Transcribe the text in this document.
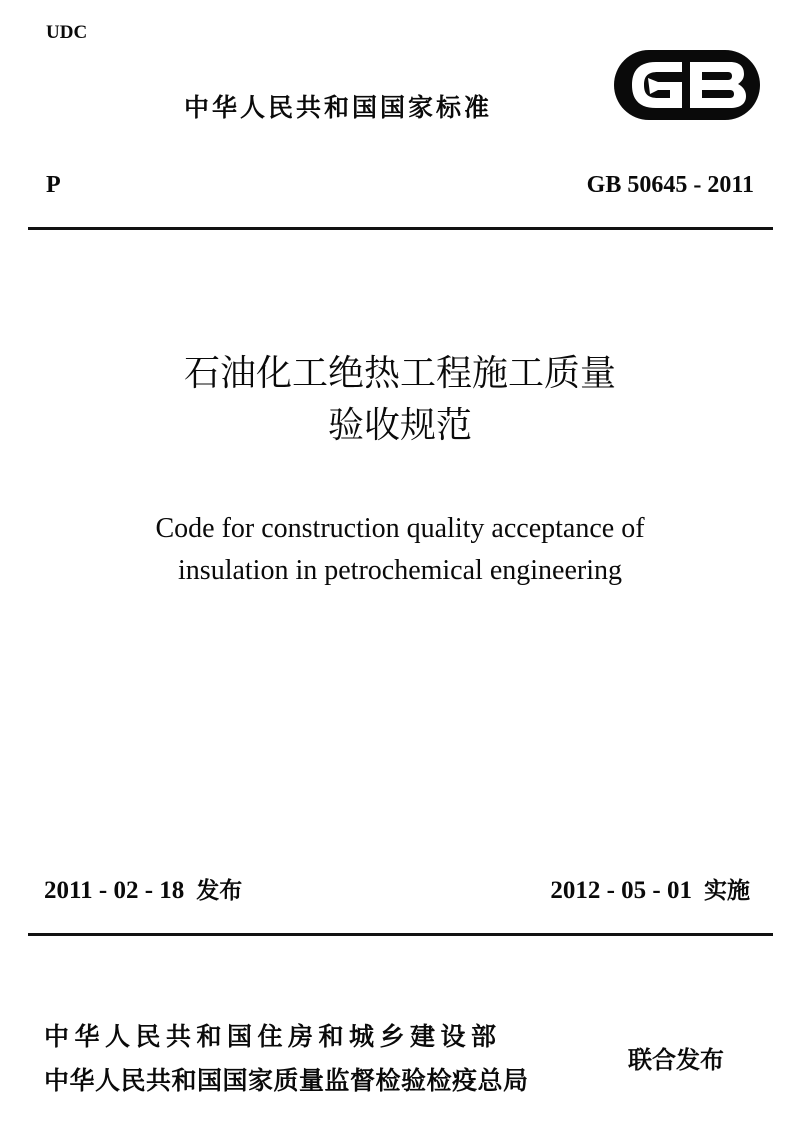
UDC
中华人民共和国国家标准
P	GB 50645 - 2011
石油化工绝热工程施工质量
验收规范
Code for construction quality acceptance of
insulation in petrochemical engineering
2011 - 02 - 18 发布	2012 - 05 - 01 实施
中华人民共和国住房和城乡建设部
中华人民共和国国家质量监督检验检疫总局
联合发布
